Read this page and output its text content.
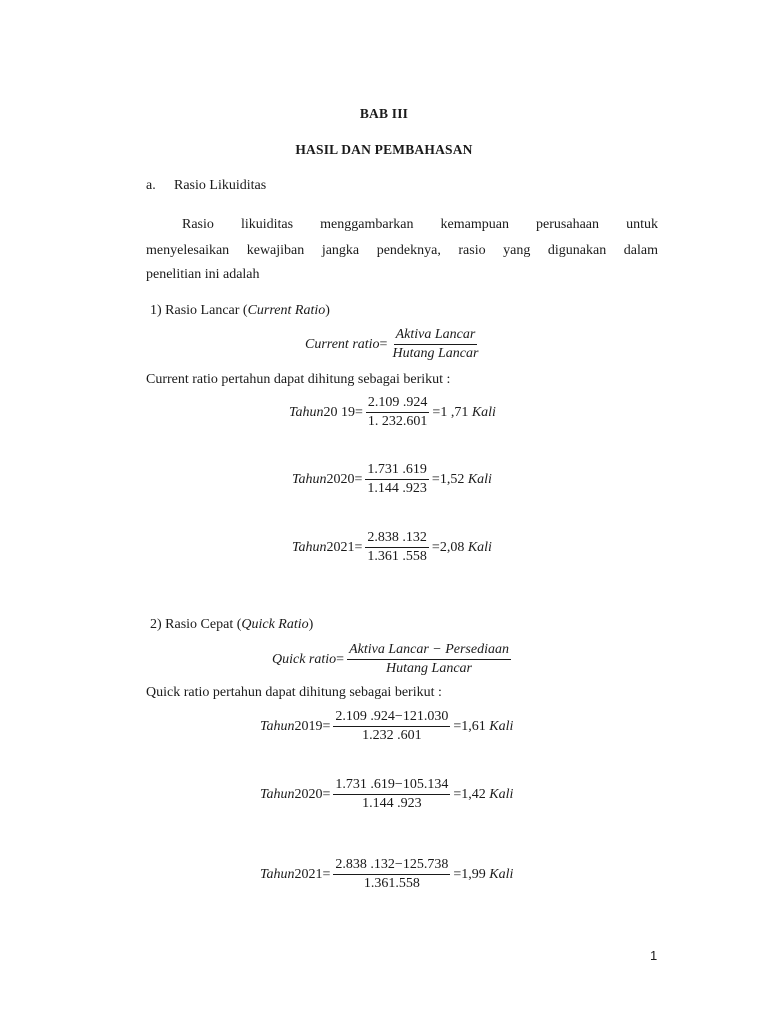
BAB III
HASIL DAN PEMBAHASAN
a. Rasio Likuiditas
Rasio likuiditas menggambarkan kemampuan perusahaan untuk
menyelesaikan kewajiban jangka pendeknya, rasio yang digunakan dalam
penelitian ini adalah
1) Rasio Lancar (Current Ratio)
Current ratio = $\frac{\text{Aktiva Lancar}}{\text{Hutang Lancar}}$
Current ratio pertahun dapat dihitung sebagai berikut :
Tahun 20 $19 = \frac{2.109 .924}{1. 232.601} = 1$ ,71
Kali
Tahun $2020 = \frac{1.731 .619}{1.144 .923} = 1,52$
Kali
Tahun $2021 = \frac{2.838 .132}{1.361 .558} = 2,08$
Kali
2) Rasio Cepat (Quick Ratio)
Quick ratio = $\frac{\text{Aktiva Lancar − Persediaan}}{\text{Hutang Lancar}}$
Quick ratio pertahun dapat dihitung sebagai berikut :
Tahun $2019 = \frac{2.109 .924-121.030}{1.232 .601} = 1,61$
Kali
Tahun $2020 = \frac{1.731 .619-105.134}{1.144 .923} = 1,42$
Kali
Tahun $2021 = \frac{2.838 .132-125.738}{1.361.558} = 1,99$
Kali
1
